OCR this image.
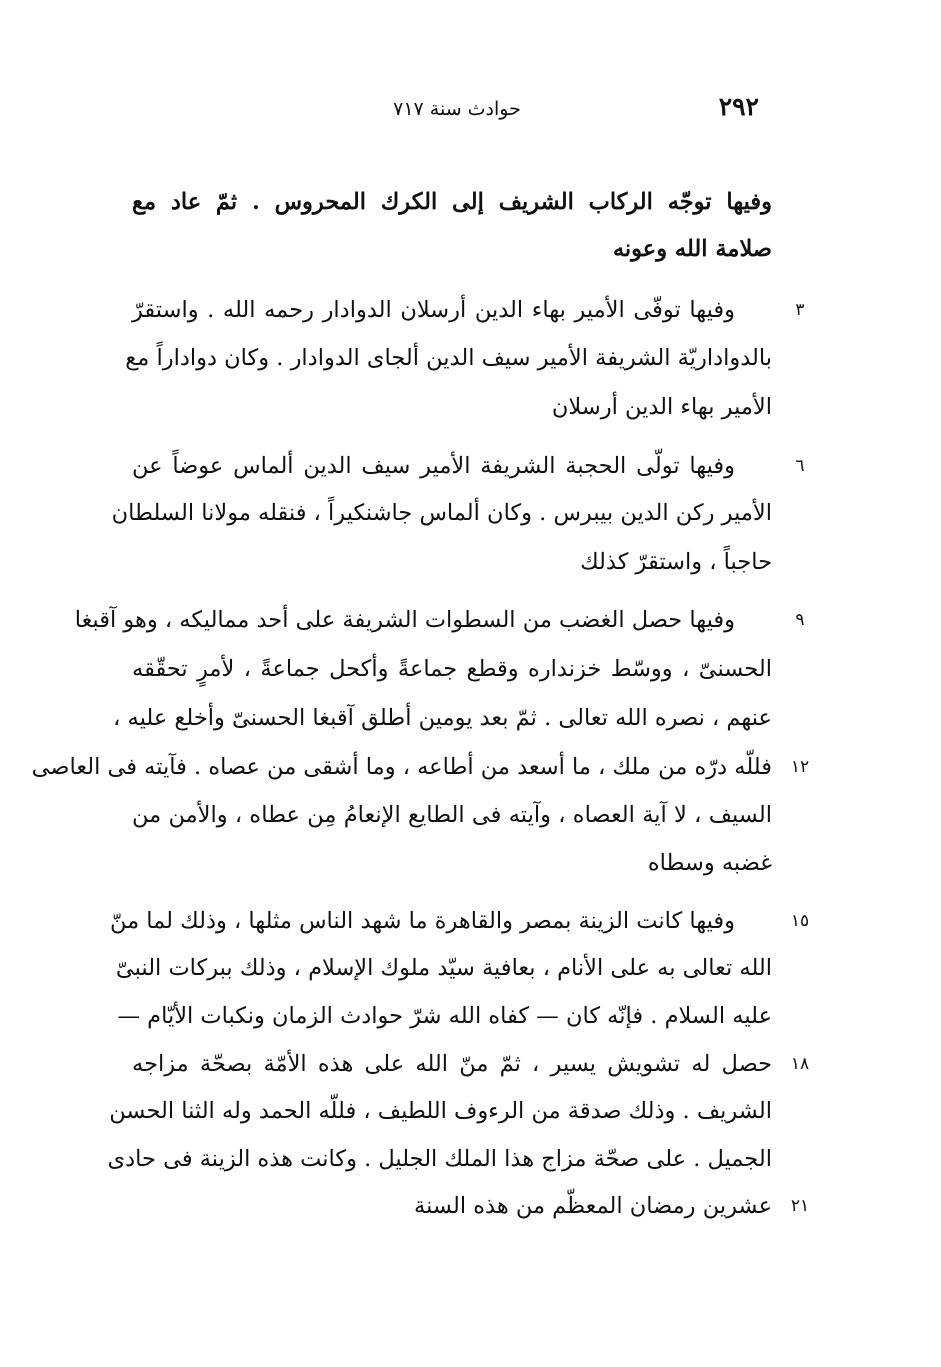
٢٩٢
حوادث سنة ٧١٧
وفيها توجّه الركاب الشريف إلى الكرك المحروس . ثمّ عاد مع
صلامة الله وعونه
٣
وفيها توفّى الأمير بهاء الدين أرسلان الدوادار رحمه الله . واستقرّ
بالدواداريّة الشريفة الأمير سيف الدين ألجاى الدوادار . وكان دواداراً مع
الأمير بهاء الدين أرسلان
٦
وفيها تولّى الحجبة الشريفة الأمير سيف الدين ألماس عوضاً عن
الأمير ركن الدين بيبرس . وكان ألماس جاشنكيراً ، فنقله مولانا السلطان
حاجباً ، واستقرّ كذلك
٩
وفيها حصل الغضب من السطوات الشريفة على أحد مماليكه ، وهو آقبغا
الحسنىّ ، ووسّط خزنداره وقطع جماعةً وأكحل جماعةً ، لأمرٍ تحقّقه
عنهم ، نصره الله تعالى . ثمّ بعد يومين أطلق آقبغا الحسنىّ وأخلع عليه ،
١٢
فللّه درّه من ملك ، ما أسعد من أطاعه ، وما أشقى من عصاه . فآيته فى العاصى
السيف ، لا آية العصاه ، وآيته فى الطايع الإنعامُ مِن عطاه ، والأمن من
غضبه وسطاه
١٥
وفيها كانت الزينة بمصر والقاهرة ما شهد الناس مثلها ، وذلك لما منّ
الله تعالى به على الأنام ، بعافية سيّد ملوك الإسلام ، وذلك ببركات النبىّ
عليه السلام . فإنّه كان — كفاه الله شرّ حوادث الزمان ونكبات الأيّام —
١٨
حصل له تشويش يسير ، ثمّ منّ الله على هذه الأمّة بصحّة مزاجه
الشريف . وذلك صدقة من الرءوف اللطيف ، فللّه الحمد وله الثنا الحسن
الجميل . على صحّة مزاج هذا الملك الجليل . وكانت هذه الزينة فى حادى
٢١
عشرين رمضان المعظّم من هذه السنة
